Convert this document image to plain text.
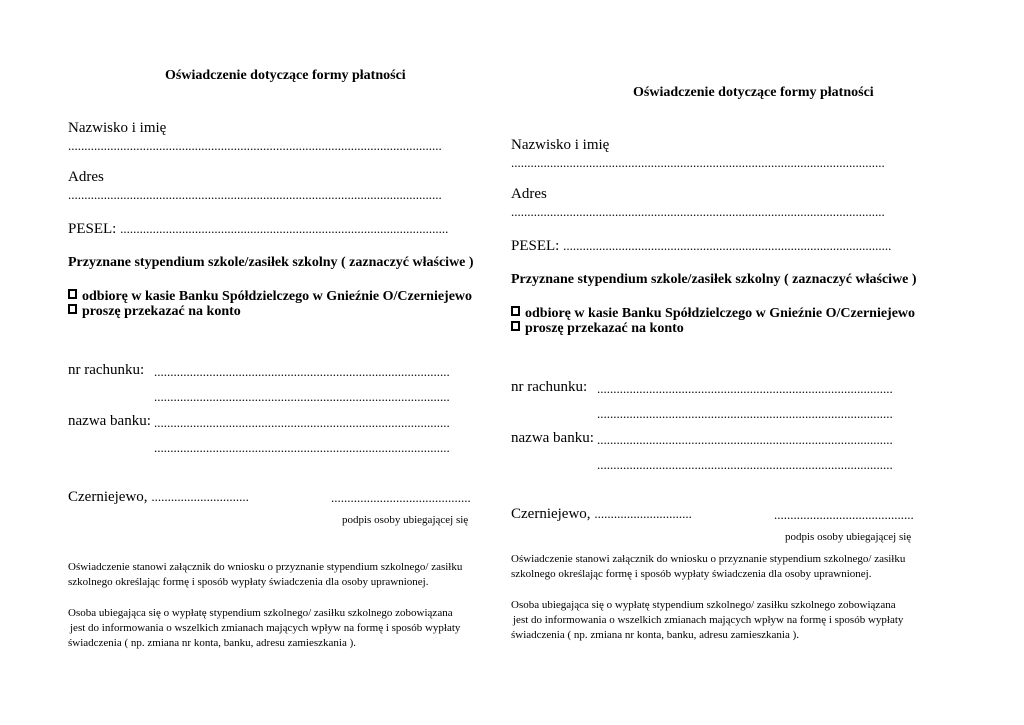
Oświadczenie dotyczące formy płatności

Nazwisko i imię

...................................................................................................................

Adres

...................................................................................................................

PESEL: .....................................................................................................

Przyznane stypendium szkole/zasiłek szkolny ( zaznaczyć właściwe )

odbiorę w kasie Banku Spółdzielczego w Gnieźnie O/Czerniejewo

proszę przekazać na konto

nr rachunku: ...........................................................................................

...........................................................................................

nazwa banku: ...........................................................................................

...........................................................................................

Czerniejewo, ..............................	...........................................

podpis osoby ubiegającej się

Oświadczenie stanowi załącznik do wniosku o przyznanie stypendium szkolnego/ zasiłku szkolnego określając formę i sposób wypłaty świadczenia dla osoby uprawnionej.

Osoba ubiegająca się o wypłatę stypendium szkolnego/ zasiłku szkolnego zobowiązana

jest do informowania o wszelkich zmianach mających wpływ na formę i sposób wypłaty

świadczenia ( np. zmiana nr konta, banku, adresu zamieszkania ).

Oświadczenie dotyczące formy płatności

Nazwisko i imię

...................................................................................................................

Adres

...................................................................................................................

PESEL: .....................................................................................................

Przyznane stypendium szkole/zasiłek szkolny ( zaznaczyć właściwe )

odbiorę w kasie Banku Spółdzielczego w Gnieźnie O/Czerniejewo

proszę przekazać na konto

nr rachunku: ...........................................................................................

...........................................................................................

nazwa banku: ...........................................................................................

...........................................................................................

Czerniejewo, ..............................	...........................................

podpis osoby ubiegającej się

Oświadczenie stanowi załącznik do wniosku o przyznanie stypendium szkolnego/ zasiłku szkolnego określając formę i sposób wypłaty świadczenia dla osoby uprawnionej.

Osoba ubiegająca się o wypłatę stypendium szkolnego/ zasiłku szkolnego zobowiązana

jest do informowania o wszelkich zmianach mających wpływ na formę i sposób wypłaty

świadczenia ( np. zmiana nr konta, banku, adresu zamieszkania ).
